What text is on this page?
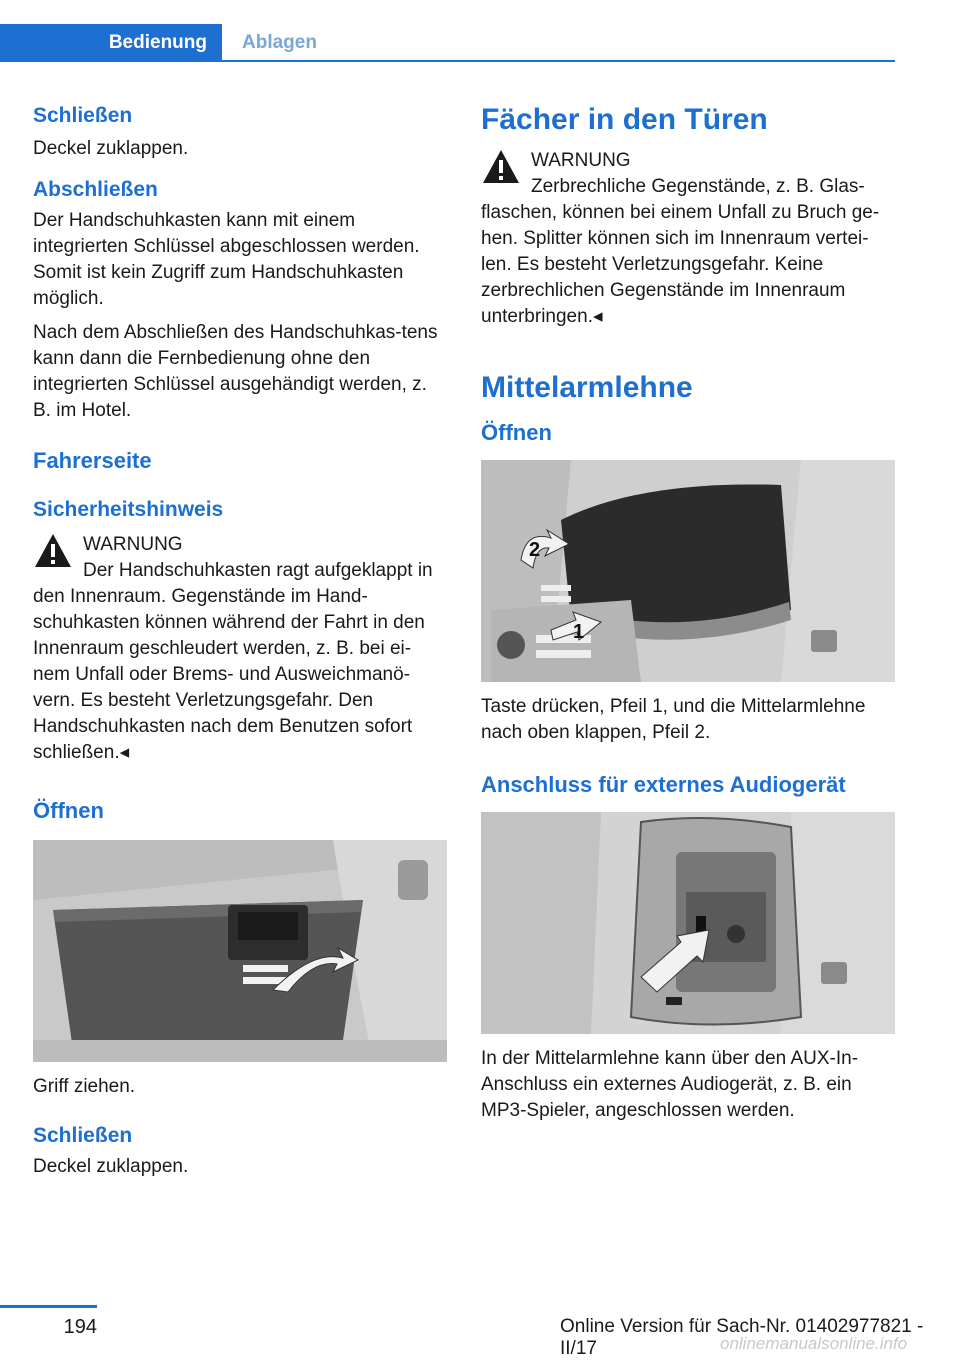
Bedienung	Ablagen
Schließen

Deckel zuklappen.

Abschließen

Der Handschuhkasten kann mit einem integrierten Schlüssel abgeschlossen werden. Somit ist kein Zugriff zum Handschuhkasten möglich.

Nach dem Abschließen des Handschuhkas-tens kann dann die Fernbedienung ohne den integrierten Schlüssel ausgehändigt werden, z. B. im Hotel.

Fahrerseite
Sicherheitshinweis

WARNUNG

Der Handschuhkasten ragt aufgeklappt in den Innenraum. Gegenstände im Hand-schuhkasten können während der Fahrt in den Innenraum geschleudert werden, z. B. bei ei-nem Unfall oder Brems- und Ausweichmanö-vern. Es besteht Verletzungsgefahr. Den Handschuhkasten nach dem Benutzen sofort schließen.◂

Öffnen

Griff ziehen.

Schließen

Deckel zuklappen.

Fächer in den Türen

WARNUNG

Zerbrechliche Gegenstände, z. B. Glas-flaschen, können bei einem Unfall zu Bruch ge-hen. Splitter können sich im Innenraum vertei-len. Es besteht Verletzungsgefahr. Keine zerbrechlichen Gegenstände im Innenraum unterbringen.◂

Mittelarmlehne
Öffnen
2
1

Taste drücken, Pfeil 1, und die Mittelarmlehne nach oben klappen, Pfeil 2.

Anschluss für externes Audiogerät

In der Mittelarmlehne kann über den AUX-In-Anschluss ein externes Audiogerät, z. B. ein MP3-Spieler, angeschlossen werden.

194	Online Version für Sach-Nr. 01402977821 - II/17	onlinemanualsonline.info
